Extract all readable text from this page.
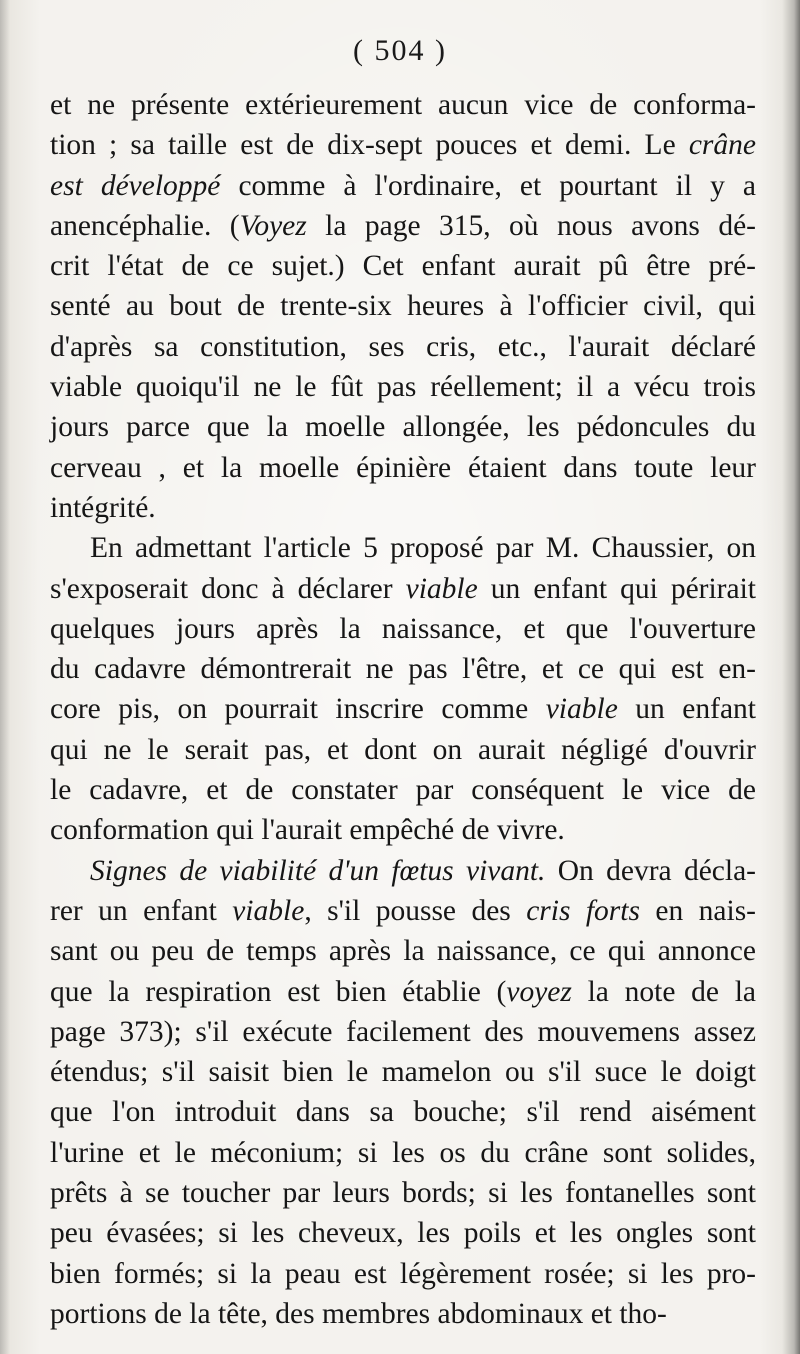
( 504 )
et ne présente extérieurement aucun vice de conforma-
tion ; sa taille est de dix-sept pouces et demi. Le crâne
est développé comme à l'ordinaire, et pourtant il y a
anencéphalie. (Voyez la page 315, où nous avons dé-
crit l'état de ce sujet.) Cet enfant aurait pû être pré-
senté au bout de trente-six heures à l'officier civil, qui
d'après sa constitution, ses cris, etc., l'aurait déclaré
viable quoiqu'il ne le fût pas réellement; il a vécu trois
jours parce que la moelle allongée, les pédoncules du
cerveau , et la moelle épinière étaient dans toute leur
intégrité.
En admettant l'article 5 proposé par M. Chaussier, on
s'exposerait donc à déclarer viable un enfant qui périrait
quelques jours après la naissance, et que l'ouverture
du cadavre démontrerait ne pas l'être, et ce qui est en-
core pis, on pourrait inscrire comme viable un enfant
qui ne le serait pas, et dont on aurait négligé d'ouvrir
le cadavre, et de constater par conséquent le vice de
conformation qui l'aurait empêché de vivre.
Signes de viabilité d'un fœtus vivant. On devra décla-
rer un enfant viable, s'il pousse des cris forts en nais-
sant ou peu de temps après la naissance, ce qui annonce
que la respiration est bien établie (voyez la note de la
page 373); s'il exécute facilement des mouvemens assez
étendus; s'il saisit bien le mamelon ou s'il suce le doigt
que l'on introduit dans sa bouche; s'il rend aisément
l'urine et le méconium; si les os du crâne sont solides,
prêts à se toucher par leurs bords; si les fontanelles sont
peu évasées; si les cheveux, les poils et les ongles sont
bien formés; si la peau est légèrement rosée; si les pro-
portions de la tête, des membres abdominaux et tho-
